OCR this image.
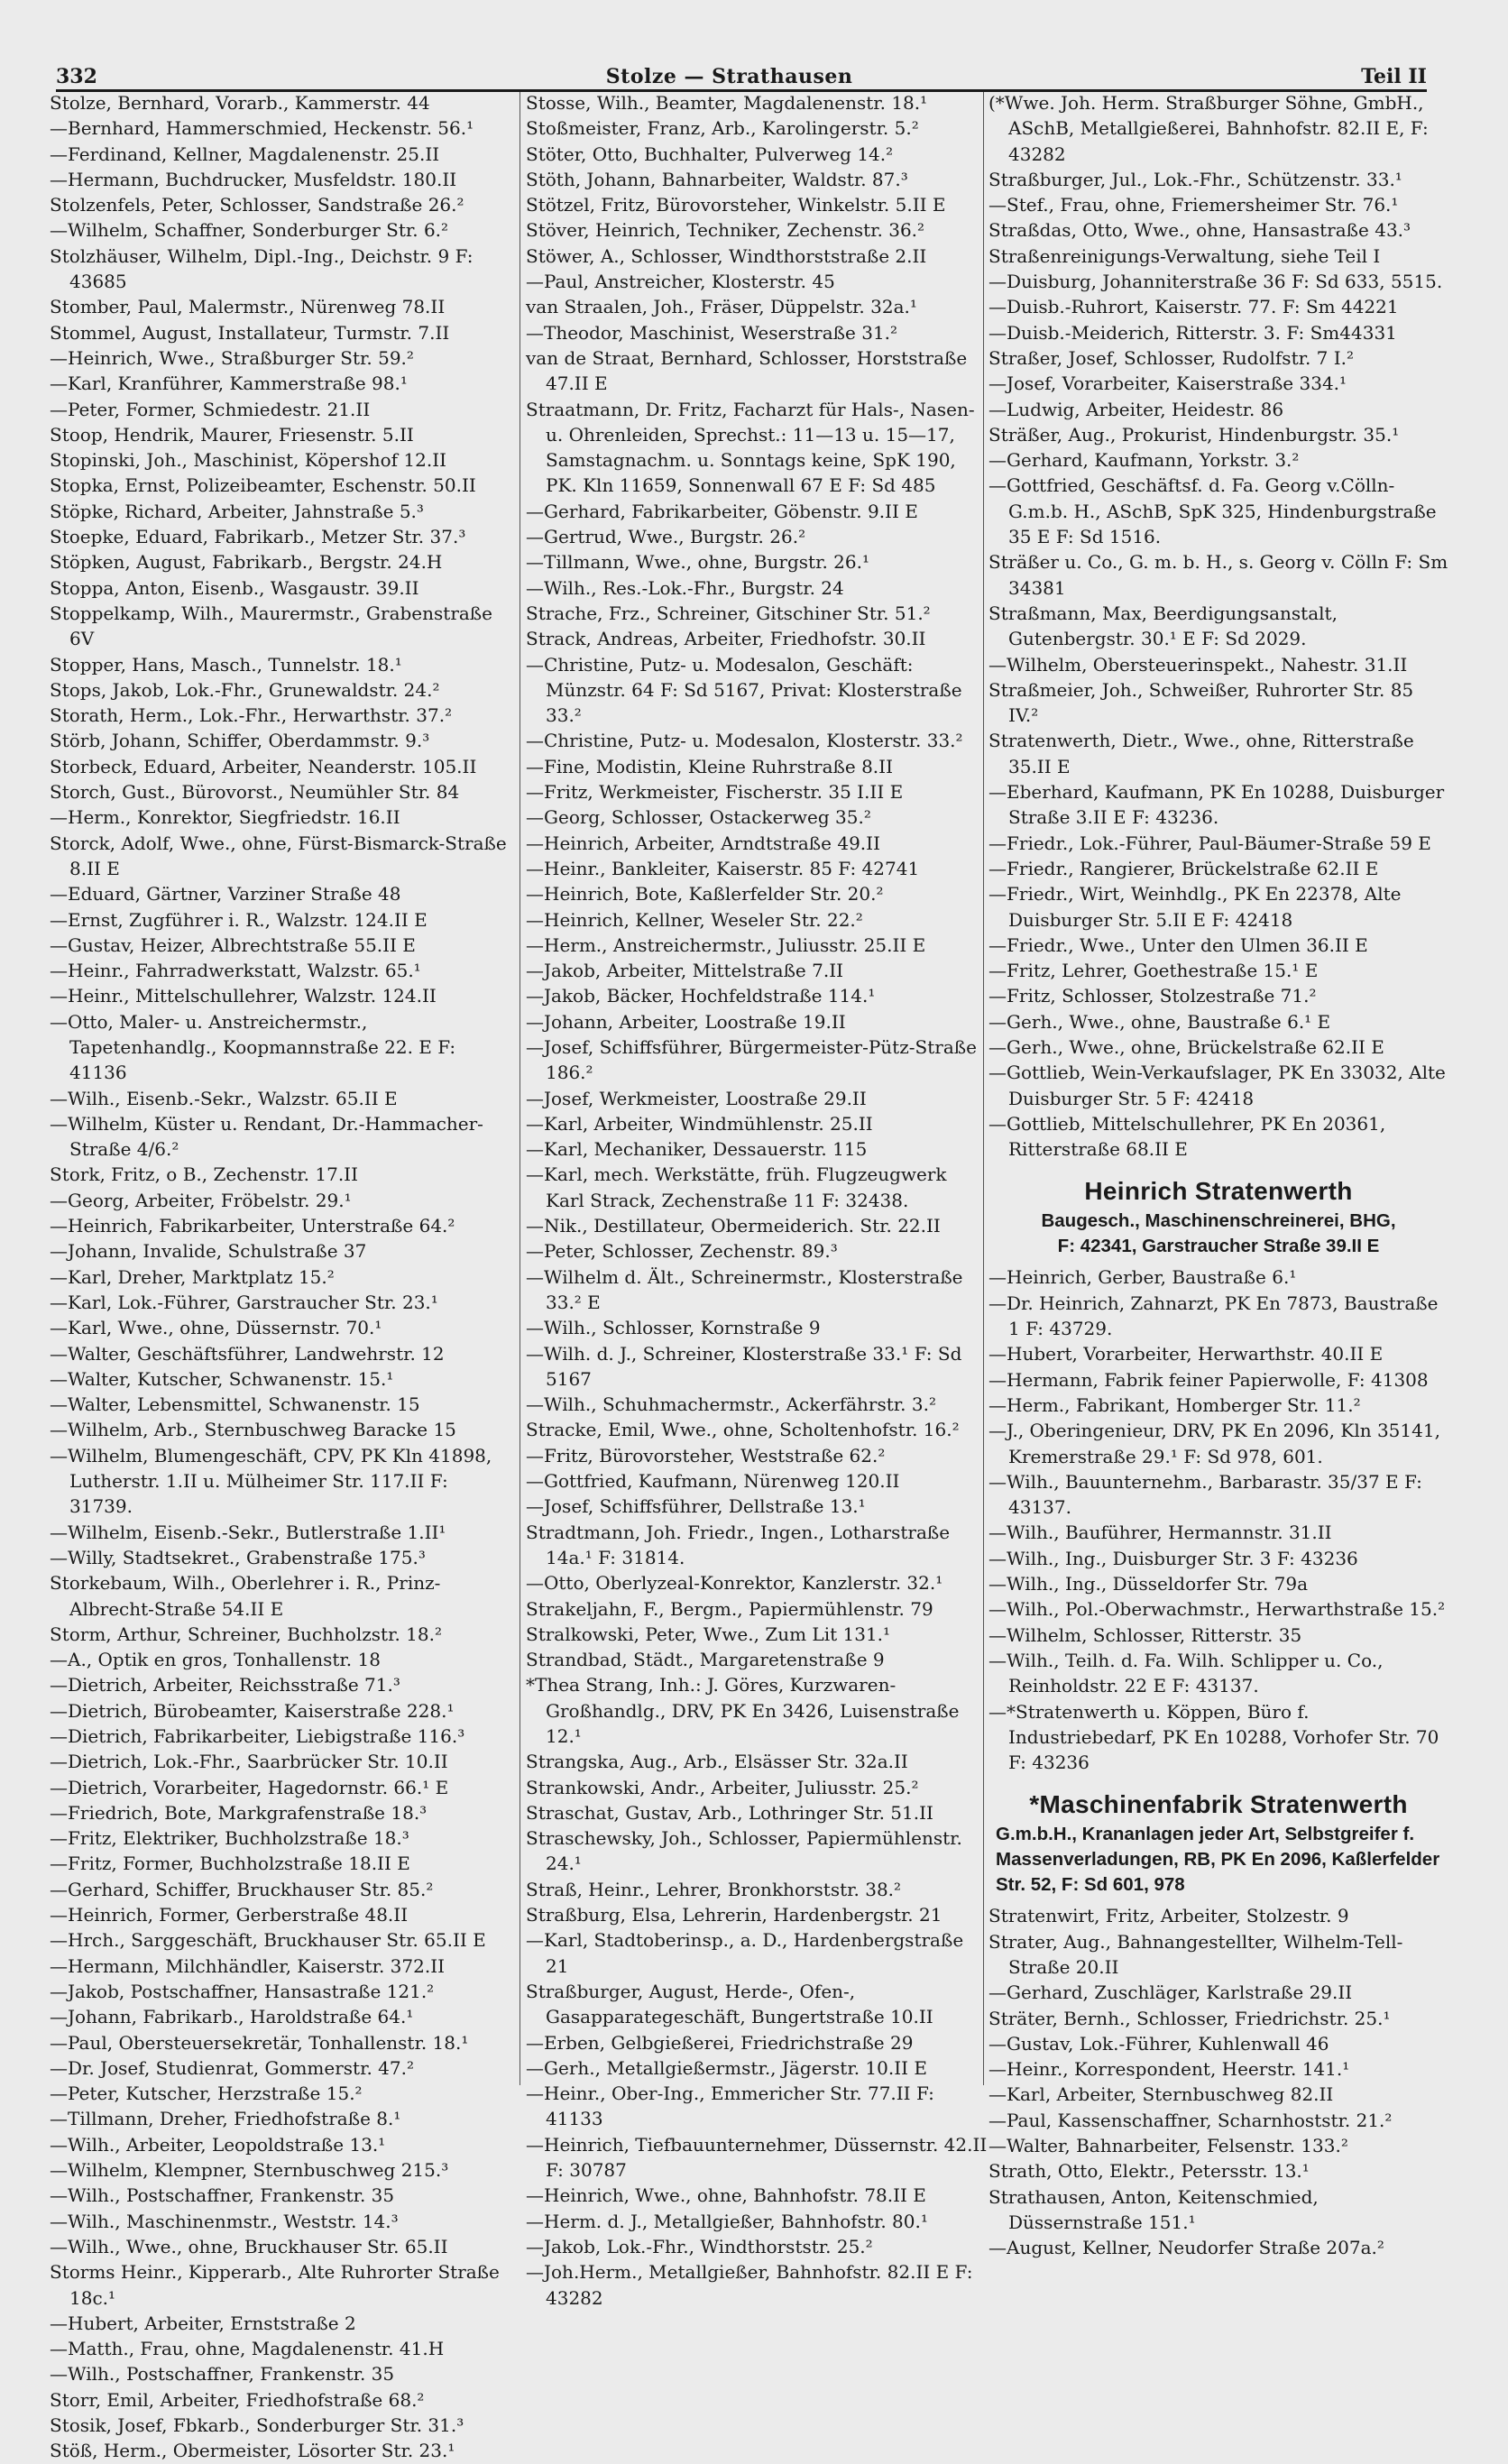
332	Stolze — Strathausen	Teil II
Stolze, Bernhard, Vorarb., Kammerstr. 44
—Bernhard, Hammerschmied, Heckenstr. 56.¹
—Ferdinand, Kellner, Magdalenenstr. 25.II
—Hermann, Buchdrucker, Musfeldstr. 180.II
Stolzenfels, Peter, Schlosser, Sandstraße 26.²
—Wilhelm, Schaffner, Sonderburger Str. 6.²
Stolzhäuser, Wilhelm, Dipl.-Ing., Deichstr. 9 F: 43685
Stomber, Paul, Malermstr., Nürenweg 78.II
Stommel, August, Installateur, Turmstr. 7.II
—Heinrich, Wwe., Straßburger Str. 59.²
—Karl, Kranführer, Kammerstraße 98.¹
—Peter, Former, Schmiedestr. 21.II
Stoop, Hendrik, Maurer, Friesenstr. 5.II
Stopinski, Joh., Maschinist, Köpershof 12.II
Stopka, Ernst, Polizeibeamter, Eschenstr. 50.II
Stöpke, Richard, Arbeiter, Jahnstraße 5.³
Stoepke, Eduard, Fabrikarb., Metzer Str. 37.³
Stöpken, August, Fabrikarb., Bergstr. 24.H
Stoppa, Anton, Eisenb., Wasgaustr. 39.II
Stoppelkamp, Wilh., Maurermstr., Grabenstraße 6V
Stopper, Hans, Masch., Tunnelstr. 18.¹
Stops, Jakob, Lok.-Fhr., Grunewaldstr. 24.²
Storath, Herm., Lok.-Fhr., Herwarthstr. 37.²
Störb, Johann, Schiffer, Oberdammstr. 9.³
Storbeck, Eduard, Arbeiter, Neanderstr. 105.II
Storch, Gust., Bürovorst., Neumühler Str. 84
—Herm., Konrektor, Siegfriedstr. 16.II
Storck, Adolf, Wwe., ohne, Fürst-Bismarck-Straße 8.II E
—Eduard, Gärtner, Varziner Straße 48
—Ernst, Zugführer i. R., Walzstr. 124.II E
—Gustav, Heizer, Albrechtstraße 55.II E
—Heinr., Fahrradwerkstatt, Walzstr. 65.¹
—Heinr., Mittelschullehrer, Walzstr. 124.II
—Otto, Maler- u. Anstreichermstr., Tapetenhandlg., Koopmannstraße 22. E F: 41136
—Wilh., Eisenb.-Sekr., Walzstr. 65.II E
—Wilhelm, Küster u. Rendant, Dr.-Hammacher-Straße 4/6.²
Stork, Fritz, o B., Zechenstr. 17.II
—Georg, Arbeiter, Fröbelstr. 29.¹
—Heinrich, Fabrikarbeiter, Unterstraße 64.²
—Johann, Invalide, Schulstraße 37
—Karl, Dreher, Marktplatz 15.²
—Karl, Lok.-Führer, Garstraucher Str. 23.¹
—Karl, Wwe., ohne, Düssernstr. 70.¹
—Walter, Geschäftsführer, Landwehrstr. 12
—Walter, Kutscher, Schwanenstr. 15.¹
—Walter, Lebensmittel, Schwanenstr. 15
—Wilhelm, Arb., Sternbuschweg Baracke 15
—Wilhelm, Blumengeschäft, CPV, PK Kln 41898, Lutherstr. 1.II u. Mülheimer Str. 117.II F: 31739.
—Wilhelm, Eisenb.-Sekr., Butlerstraße 1.II¹
—Willy, Stadtsekret., Grabenstraße 175.³
Storkebaum, Wilh., Oberlehrer i. R., Prinz-Albrecht-Straße 54.II E
Storm, Arthur, Schreiner, Buchholzstr. 18.²
—A., Optik en gros, Tonhallenstr. 18
—Dietrich, Arbeiter, Reichsstraße 71.³
—Dietrich, Bürobeamter, Kaiserstraße 228.¹
—Dietrich, Fabrikarbeiter, Liebigstraße 116.³
—Dietrich, Lok.-Fhr., Saarbrücker Str. 10.II
—Dietrich, Vorarbeiter, Hagedornstr. 66.¹ E
—Friedrich, Bote, Markgrafenstraße 18.³
—Fritz, Elektriker, Buchholzstraße 18.³
—Fritz, Former, Buchholzstraße 18.II E
—Gerhard, Schiffer, Bruckhauser Str. 85.²
—Heinrich, Former, Gerberstraße 48.II
—Hrch., Sarggeschäft, Bruckhauser Str. 65.II E
—Hermann, Milchhändler, Kaiserstr. 372.II
—Jakob, Postschaffner, Hansastraße 121.²
—Johann, Fabrikarb., Haroldstraße 64.¹
—Paul, Obersteuersekretär, Tonhallenstr. 18.¹
—Dr. Josef, Studienrat, Gommerstr. 47.²
—Peter, Kutscher, Herzstraße 15.²
—Tillmann, Dreher, Friedhofstraße 8.¹
—Wilh., Arbeiter, Leopoldstraße 13.¹
—Wilhelm, Klempner, Sternbuschweg 215.³
—Wilh., Postschaffner, Frankenstr. 35
—Wilh., Maschinenmstr., Weststr. 14.³
—Wilh., Wwe., ohne, Bruckhauser Str. 65.II
Storms Heinr., Kipperarb., Alte Ruhrorter Straße 18c.¹
—Hubert, Arbeiter, Ernststraße 2
—Matth., Frau, ohne, Magdalenenstr. 41.H
—Wilh., Postschaffner, Frankenstr. 35
Storr, Emil, Arbeiter, Friedhofstraße 68.²
Stosik, Josef, Fbkarb., Sonderburger Str. 31.³
Stöß, Herm., Obermeister, Lösorter Str. 23.¹
Stosse, Wilh., Beamter, Magdalenenstr. 18.¹
Stoßmeister, Franz, Arb., Karolingerstr. 5.²
Stöter, Otto, Buchhalter, Pulverweg 14.²
Stöth, Johann, Bahnarbeiter, Waldstr. 87.³
Stötzel, Fritz, Bürovorsteher, Winkelstr. 5.II E
Stöver, Heinrich, Techniker, Zechenstr. 36.²
Stöwer, A., Schlosser, Windthorststraße 2.II
—Paul, Anstreicher, Klosterstr. 45
van Straalen, Joh., Fräser, Düppelstr. 32a.¹
—Theodor, Maschinist, Weserstraße 31.²
van de Straat, Bernhard, Schlosser, Horststraße 47.II E
Straatmann, Dr. Fritz, Facharzt für Hals-, Nasen- u. Ohrenleiden, Sprechst.: 11—13 u. 15—17, Samstagnachm. u. Sonntags keine, SpK 190, PK. Kln 11659, Sonnenwall 67 E F: Sd 485
—Gerhard, Fabrikarbeiter, Göbenstr. 9.II E
—Gertrud, Wwe., Burgstr. 26.²
—Tillmann, Wwe., ohne, Burgstr. 26.¹
—Wilh., Res.-Lok.-Fhr., Burgstr. 24
Strache, Frz., Schreiner, Gitschiner Str. 51.²
Strack, Andreas, Arbeiter, Friedhofstr. 30.II
—Christine, Putz- u. Modesalon, Geschäft: Münzstr. 64 F: Sd 5167, Privat: Klosterstraße 33.²
—Christine, Putz- u. Modesalon, Klosterstr. 33.²
—Fine, Modistin, Kleine Ruhrstraße 8.II
—Fritz, Werkmeister, Fischerstr. 35 I.II E
—Georg, Schlosser, Ostackerweg 35.²
—Heinrich, Arbeiter, Arndtstraße 49.II
—Heinr., Bankleiter, Kaiserstr. 85 F: 42741
—Heinrich, Bote, Kaßlerfelder Str. 20.²
—Heinrich, Kellner, Weseler Str. 22.²
—Herm., Anstreichermstr., Juliusstr. 25.II E
—Jakob, Arbeiter, Mittelstraße 7.II
—Jakob, Bäcker, Hochfeldstraße 114.¹
—Johann, Arbeiter, Loostraße 19.II
—Josef, Schiffsführer, Bürgermeister-Pütz-Straße 186.²
—Josef, Werkmeister, Loostraße 29.II
—Karl, Arbeiter, Windmühlenstr. 25.II
—Karl, Mechaniker, Dessauerstr. 115
—Karl, mech. Werkstätte, früh. Flugzeugwerk Karl Strack, Zechenstraße 11 F: 32438.
—Nik., Destillateur, Obermeiderich. Str. 22.II
—Peter, Schlosser, Zechenstr. 89.³
—Wilhelm d. Ält., Schreinermstr., Klosterstraße 33.² E
—Wilh., Schlosser, Kornstraße 9
—Wilh. d. J., Schreiner, Klosterstraße 33.¹ F: Sd 5167
—Wilh., Schuhmachermstr., Ackerfährstr. 3.²
Stracke, Emil, Wwe., ohne, Scholtenhofstr. 16.²
—Fritz, Bürovorsteher, Weststraße 62.²
—Gottfried, Kaufmann, Nürenweg 120.II
—Josef, Schiffsführer, Dellstraße 13.¹
Stradtmann, Joh. Friedr., Ingen., Lotharstraße 14a.¹ F: 31814.
—Otto, Oberlyzeal-Konrektor, Kanzlerstr. 32.¹
Strakeljahn, F., Bergm., Papiermühlenstr. 79
Stralkowski, Peter, Wwe., Zum Lit 131.¹
Strandbad, Städt., Margaretenstraße 9
*Thea Strang, Inh.: J. Göres, Kurzwaren-Großhandlg., DRV, PK En 3426, Luisenstraße 12.¹
Strangska, Aug., Arb., Elsässer Str. 32a.II
Strankowski, Andr., Arbeiter, Juliusstr. 25.²
Straschat, Gustav, Arb., Lothringer Str. 51.II
Straschewsky, Joh., Schlosser, Papiermühlenstr. 24.¹
Straß, Heinr., Lehrer, Bronkhorststr. 38.²
Straßburg, Elsa, Lehrerin, Hardenbergstr. 21
—Karl, Stadtoberinsp., a. D., Hardenbergstraße 21
Straßburger, August, Herde-, Ofen-, Gasapparategeschäft, Bungertstraße 10.II
—Erben, Gelbgießerei, Friedrichstraße 29
—Gerh., Metallgießermstr., Jägerstr. 10.II E
—Heinr., Ober-Ing., Emmericher Str. 77.II F: 41133
—Heinrich, Tiefbauunternehmer, Düssernstr. 42.II F: 30787
—Heinrich, Wwe., ohne, Bahnhofstr. 78.II E
—Herm. d. J., Metallgießer, Bahnhofstr. 80.¹
—Jakob, Lok.-Fhr., Windthorststr. 25.²
—Joh.Herm., Metallgießer, Bahnhofstr. 82.II E F: 43282
(*Wwe. Joh. Herm. Straßburger Söhne, GmbH., ASchB, Metallgießerei, Bahnhofstr. 82.II E, F: 43282
Straßburger, Jul., Lok.-Fhr., Schützenstr. 33.¹
—Stef., Frau, ohne, Friemersheimer Str. 76.¹
Straßdas, Otto, Wwe., ohne, Hansastraße 43.³
Straßenreinigungs-Verwaltung, siehe Teil I
—Duisburg, Johanniterstraße 36 F: Sd 633, 5515.
—Duisb.-Ruhrort, Kaiserstr. 77. F: Sm 44221
—Duisb.-Meiderich, Ritterstr. 3. F: Sm44331
Straßer, Josef, Schlosser, Rudolfstr. 7 I.²
—Josef, Vorarbeiter, Kaiserstraße 334.¹
—Ludwig, Arbeiter, Heidestr. 86
Sträßer, Aug., Prokurist, Hindenburgstr. 35.¹
—Gerhard, Kaufmann, Yorkstr. 3.²
—Gottfried, Geschäftsf. d. Fa. Georg v.Cölln-G.m.b. H., ASchB, SpK 325, Hindenburgstraße 35 E F: Sd 1516.
Sträßer u. Co., G. m. b. H., s. Georg v. Cölln F: Sm 34381
Straßmann, Max, Beerdigungsanstalt, Gutenbergstr. 30.¹ E F: Sd 2029.
—Wilhelm, Obersteuerinspekt., Nahestr. 31.II
Straßmeier, Joh., Schweißer, Ruhrorter Str. 85 IV.²
Stratenwerth, Dietr., Wwe., ohne, Ritterstraße 35.II E
—Eberhard, Kaufmann, PK En 10288, Duisburger Straße 3.II E F: 43236.
—Friedr., Lok.-Führer, Paul-Bäumer-Straße 59 E
—Friedr., Rangierer, Brückelstraße 62.II E
—Friedr., Wirt, Weinhdlg., PK En 22378, Alte Duisburger Str. 5.II E F: 42418
—Friedr., Wwe., Unter den Ulmen 36.II E
—Fritz, Lehrer, Goethestraße 15.¹ E
—Fritz, Schlosser, Stolzestraße 71.²
—Gerh., Wwe., ohne, Baustraße 6.¹ E
—Gerh., Wwe., ohne, Brückelstraße 62.II E
—Gottlieb, Wein-Verkaufslager, PK En 33032, Alte Duisburger Str. 5 F: 42418
—Gottlieb, Mittelschullehrer, PK En 20361, Ritterstraße 68.II E
Heinrich Stratenwerth
Baugesch., Maschinenschreinerei, BHG,
F: 42341, Garstraucher Straße 39.II E
—Heinrich, Gerber, Baustraße 6.¹
—Dr. Heinrich, Zahnarzt, PK En 7873, Baustraße 1 F: 43729.
—Hubert, Vorarbeiter, Herwarthstr. 40.II E
—Hermann, Fabrik feiner Papierwolle, F: 41308
—Herm., Fabrikant, Homberger Str. 11.²
—J., Oberingenieur, DRV, PK En 2096, Kln 35141, Kremerstraße 29.¹ F: Sd 978, 601.
—Wilh., Bauunternehm., Barbarastr. 35/37 E F: 43137.
—Wilh., Bauführer, Hermannstr. 31.II
—Wilh., Ing., Duisburger Str. 3 F: 43236
—Wilh., Ing., Düsseldorfer Str. 79a
—Wilh., Pol.-Oberwachmstr., Herwarthstraße 15.²
—Wilhelm, Schlosser, Ritterstr. 35
—Wilh., Teilh. d. Fa. Wilh. Schlipper u. Co., Reinholdstr. 22 E F: 43137.
—*Stratenwerth u. Köppen, Büro f. Industriebedarf, PK En 10288, Vorhofer Str. 70 F: 43236
*Maschinenfabrik Stratenwerth
G.m.b.H., Krananlagen jeder Art, Selbstgreifer f. Massenverladungen, RB, PK En 2096, Kaßlerfelder Str. 52, F: Sd 601, 978
Stratenwirt, Fritz, Arbeiter, Stolzestr. 9
Strater, Aug., Bahnangestellter, Wilhelm-Tell-Straße 20.II
—Gerhard, Zuschläger, Karlstraße 29.II
Sträter, Bernh., Schlosser, Friedrichstr. 25.¹
—Gustav, Lok.-Führer, Kuhlenwall 46
—Heinr., Korrespondent, Heerstr. 141.¹
—Karl, Arbeiter, Sternbuschweg 82.II
—Paul, Kassenschaffner, Scharnhoststr. 21.²
—Walter, Bahnarbeiter, Felsenstr. 133.²
Strath, Otto, Elektr., Petersstr. 13.¹
Strathausen, Anton, Keitenschmied, Düssernstraße 151.¹
—August, Kellner, Neudorfer Straße 207a.²
